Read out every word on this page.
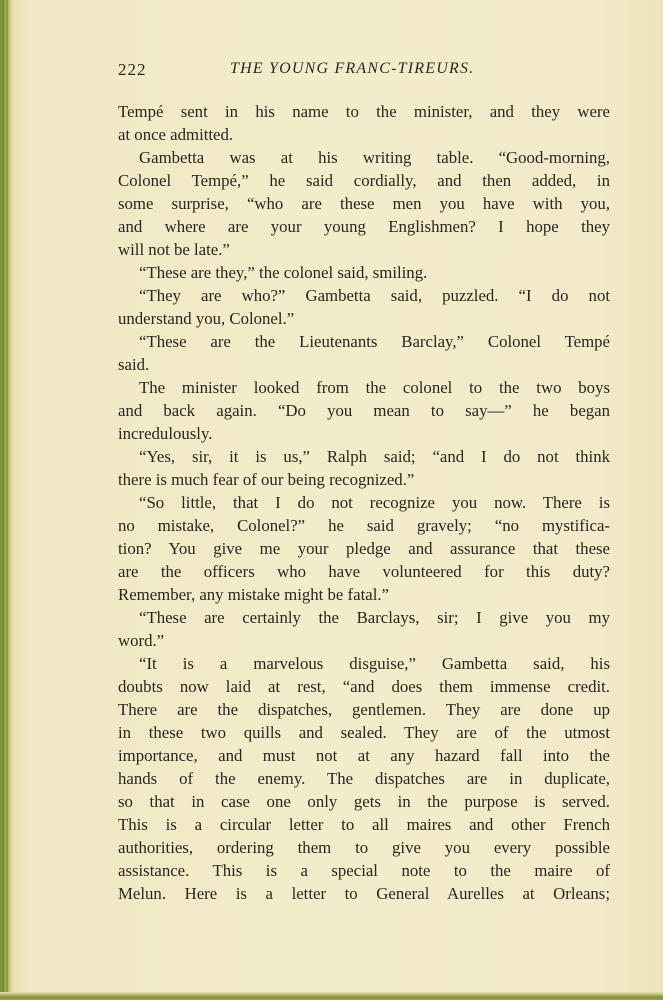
222	THE YOUNG FRANC-TIREURS.
Tempé sent in his name to the minister, and they were
at once admitted.
Gambetta was at his writing table. “Good-morning,
Colonel Tempé,” he said cordially, and then added, in
some surprise, “who are these men you have with you,
and where are your young Englishmen? I hope they
will not be late.”
“These are they,” the colonel said, smiling.
“They are who?” Gambetta said, puzzled. “I do not
understand you, Colonel.”
“These are the Lieutenants Barclay,” Colonel Tempé
said.
The minister looked from the colonel to the two boys
and back again. “Do you mean to say—” he began
incredulously.
“Yes, sir, it is us,” Ralph said; “and I do not think
there is much fear of our being recognized.”
“So little, that I do not recognize you now. There is
no mistake, Colonel?” he said gravely; “no mystifica-
tion? You give me your pledge and assurance that these
are the officers who have volunteered for this duty?
Remember, any mistake might be fatal.”
“These are certainly the Barclays, sir; I give you my
word.”
“It is a marvelous disguise,” Gambetta said, his
doubts now laid at rest, “and does them immense credit.
There are the dispatches, gentlemen. They are done up
in these two quills and sealed. They are of the utmost
importance, and must not at any hazard fall into the
hands of the enemy. The dispatches are in duplicate,
so that in case one only gets in the purpose is served.
This is a circular letter to all maires and other French
authorities, ordering them to give you every possible
assistance. This is a special note to the maire of
Melun. Here is a letter to General Aurelles at Orleans;
